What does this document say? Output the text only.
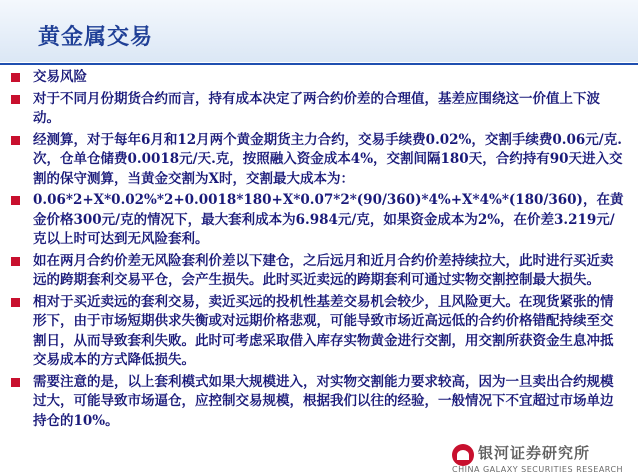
黄金属交易
交易风险
对于不同月份期货合约而言，持有成本决定了两合约价差的合理值，基差应围绕这一价值上下波动。
经测算，对于每年6月和12月两个黄金期货主力合约，交易手续费0.02%，交割手续费0.06元/克.次，仓单仓储费0.0018元/天.克，按照融入资金成本4%，交割间隔180天，合约持有90天进入交割的保守测算，当黄金交割为X时，交割最大成本为：
0.06*2+X*0.02%*2+0.0018*180+X*0.07*2*(90/360)*4%+X*4%*(180/360)，在黄金价格300元/克的情况下，最大套利成本为6.984元/克，如果资金成本为2%，在价差3.219元/克以上时可达到无风险套利。
如在两月合约价差无风险套利价差以下建仓，之后远月和近月合约价差持续拉大，此时进行买近卖远的跨期套利交易平仓，会产生损失。此时买近卖远的跨期套利可通过实物交割控制最大损失。
相对于买近卖远的套利交易，卖近买远的投机性基差交易机会较少，且风险更大。在现货紧张的情形下，由于市场短期供求失衡或对远期价格悲观，可能导致市场近高远低的合约价格错配持续至交割日，从而导致套利失败。此时可考虑采取借入库存实物黄金进行交割，用交割所获资金生息冲抵交易成本的方式降低损失。
需要注意的是，以上套利模式如果大规模进入，对实物交割能力要求较高，因为一旦卖出合约规模过大，可能导致市场逼仓，应控制交易规模，根据我们以往的经验，一般情况下不宜超过市场单边持仓的10%。
银河证券研究所
CHINA GALAXY SECURITIES RESEARCH
